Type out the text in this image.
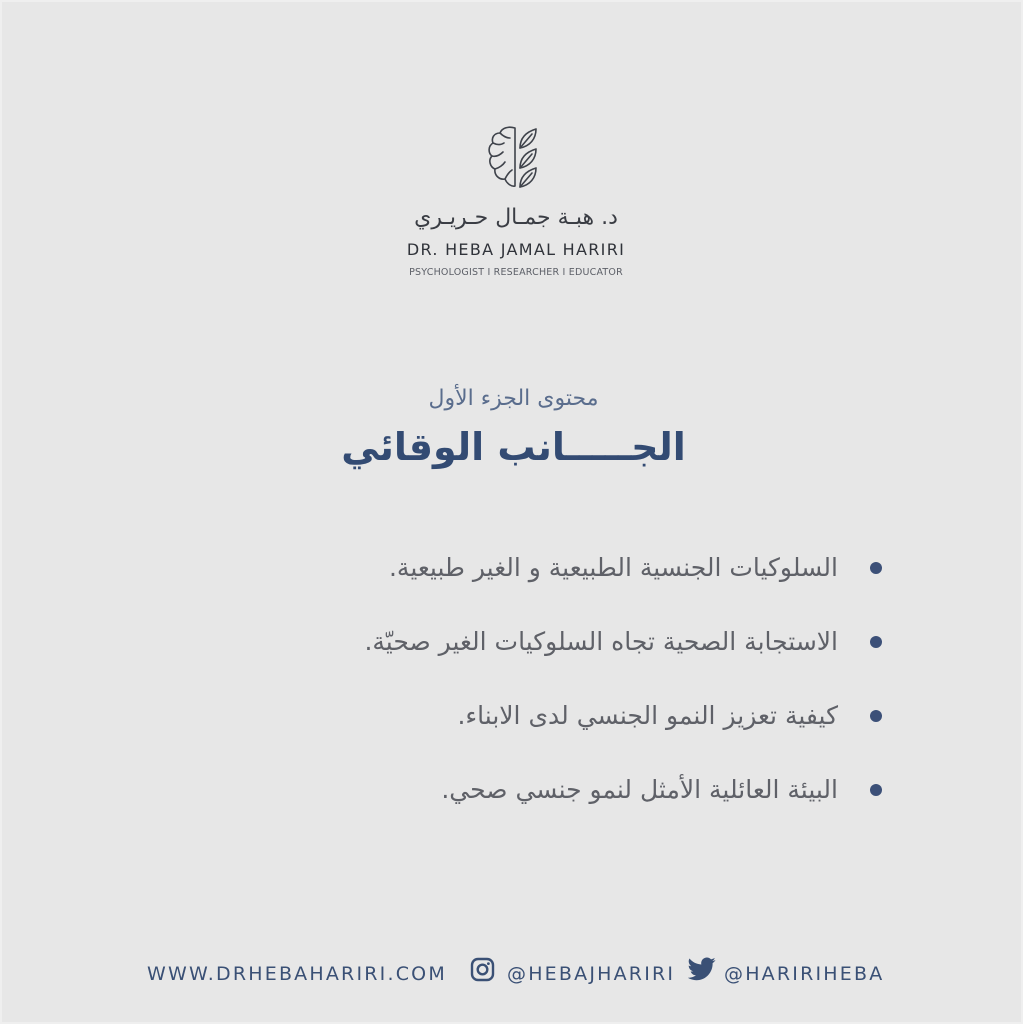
د. هبـة جمـال حـريـري
DR. HEBA JAMAL HARIRI
PSYCHOLOGIST I RESEARCHER I EDUCATOR
محتوى الجزء الأول
الجـــــانب الوقائي
السلوكيات الجنسية الطبيعية و الغير طبيعية.
الاستجابة الصحية تجاه السلوكيات الغير صحيّة.
كيفية تعزيز النمو الجنسي لدى الابناء.
البيئة العائلية الأمثل لنمو جنسي صحي.
WWW.DRHEBAHARIRI.COM	@HEBAJHARIRI	@HARIRIHEBA
